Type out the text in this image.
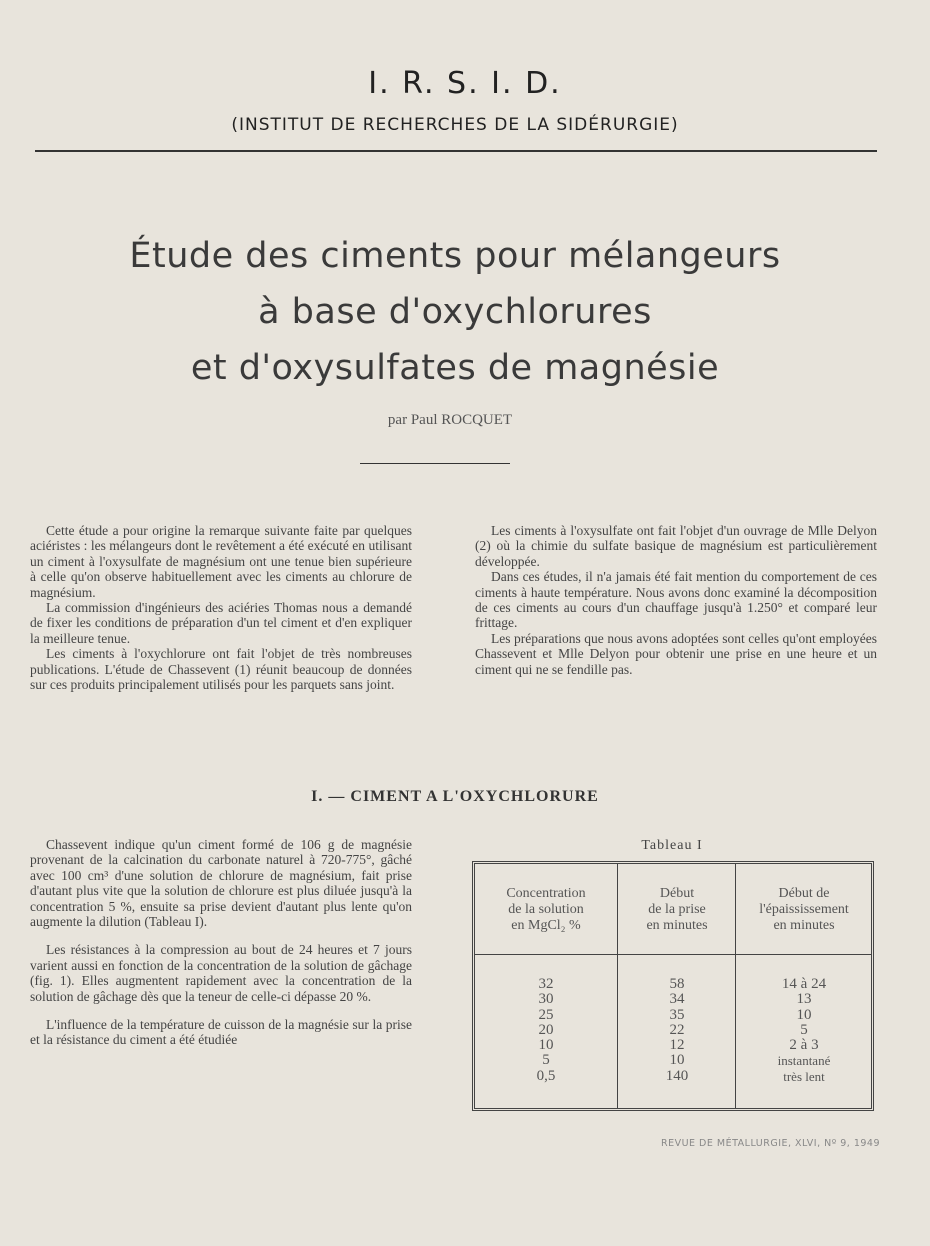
I. R. S. I. D.
(INSTITUT DE RECHERCHES DE LA SIDÉRURGIE)
Étude des ciments pour mélangeurs
à base d'oxychlorures
et d'oxysulfates de magnésie
par Paul ROCQUET

Cette étude a pour origine la remarque suivante faite par quelques aciéristes : les mélangeurs dont le revêtement a été exécuté en utilisant un ciment à l'oxysulfate de magnésium ont une tenue bien supérieure à celle qu'on observe habituellement avec les ciments au chlorure de magnésium.

La commission d'ingénieurs des aciéries Thomas nous a demandé de fixer les conditions de préparation d'un tel ciment et d'en expliquer la meilleure tenue.

Les ciments à l'oxychlorure ont fait l'objet de très nombreuses publications. L'étude de Chassevent (1) réunit beaucoup de données sur ces produits principalement utilisés pour les parquets sans joint.

Les ciments à l'oxysulfate ont fait l'objet d'un ouvrage de Mlle Delyon (2) où la chimie du sulfate basique de magnésium est particulièrement développée.

Dans ces études, il n'a jamais été fait mention du comportement de ces ciments à haute température. Nous avons donc examiné la décomposition de ces ciments au cours d'un chauffage jusqu'à 1.250° et comparé leur frittage.

Les préparations que nous avons adoptées sont celles qu'ont employées Chassevent et Mlle Delyon pour obtenir une prise en une heure et un ciment qui ne se fendille pas.

I. — CIMENT A L'OXYCHLORURE

Chassevent indique qu'un ciment formé de 106 g de magnésie provenant de la calcination du carbonate naturel à 720-775°, gâché avec 100 cm³ d'une solution de chlorure de magnésium, fait prise d'autant plus vite que la solution de chlorure est plus diluée jusqu'à la concentration 5 %, ensuite sa prise devient d'autant plus lente qu'on augmente la dilution (Tableau I).

Les résistances à la compression au bout de 24 heures et 7 jours varient aussi en fonction de la concentration de la solution de gâchage (fig. 1). Elles augmentent rapidement avec la concentration de la solution de gâchage dès que la teneur de celle-ci dépasse 20 %.

L'influence de la température de cuisson de la magnésie sur la prise et la résistance du ciment a été étudiée

Tableau I
Concentration
de la solution
en MgCl₂ %
32
30
25
20
10
5
0,5
Début
de la prise
en minutes
58
34
35
22
12
10
140
Début de
l'épaississement
en minutes
14 à 24
13
10
5
2 à 3
instantané
très lent
REVUE DE MÉTALLURGIE, XLVI, Nº 9, 1949
